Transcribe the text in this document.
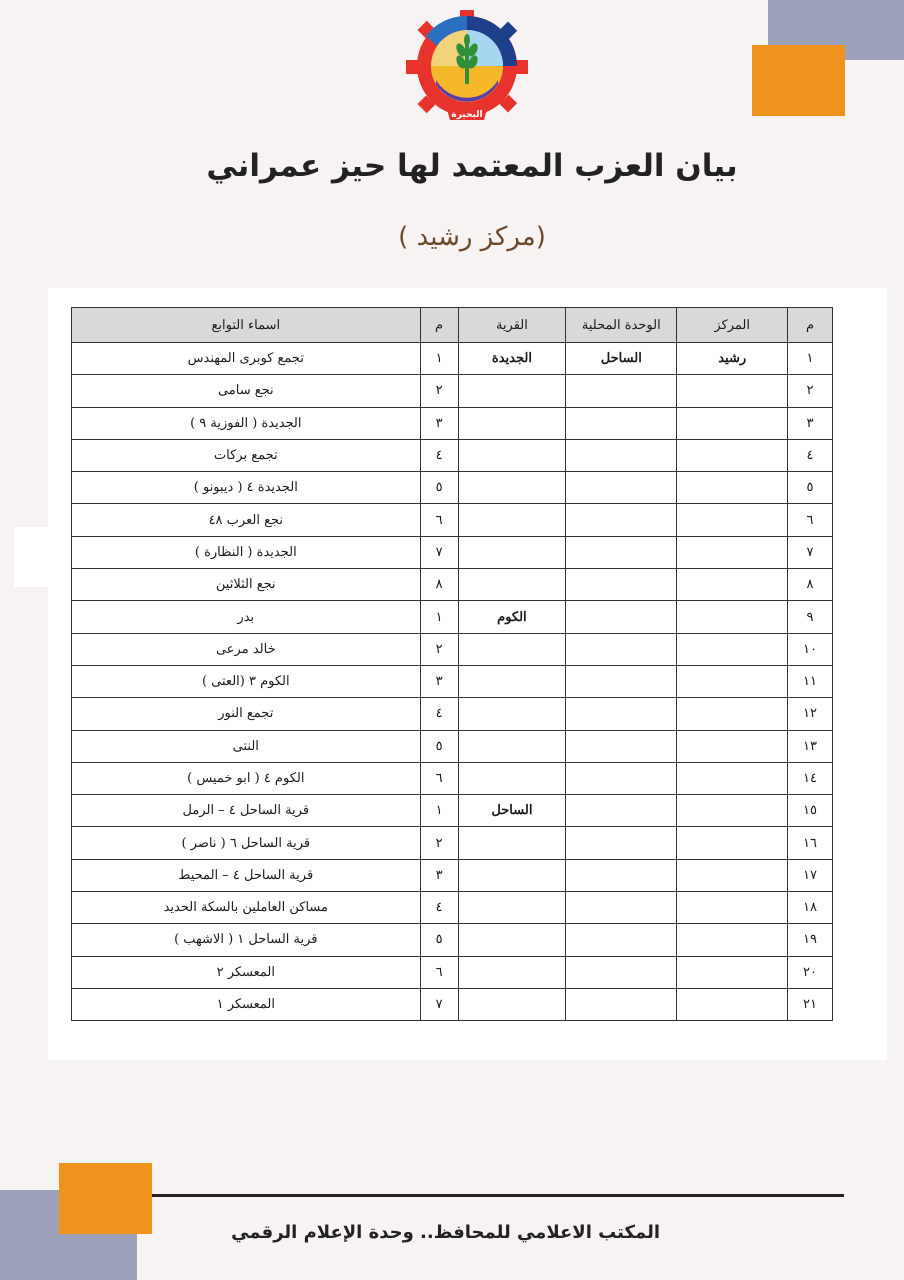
البحيرة
بيان العزب المعتمد لها حيز عمراني
( مركز رشيد)
م	المركز	الوحدة المحلية	القرية	م	اسماء التوابع
١	رشيد	الساحل	الجديدة	١	تجمع كوبرى المهندس
٢				٢	نجع سامى
٣				٣	الجديدة ( الفوزية ٩ )
٤				٤	تجمع بركات
٥				٥	الجديدة ٤ ( ديبونو )
٦				٦	نجع العرب ٤٨
٧				٧	الجديدة ( النظارة )
٨				٨	نجع الثلاثين
٩			الكوم	١	بدر
١٠				٢	خالد مرعى
١١				٣	الكوم ٣ (العتى )
١٢				٤	تجمع النور
١٣				٥	النتى
١٤				٦	الكوم ٤ ( ابو خميس )
١٥			الساحل	١	قرية الساحل ٤ – الرمل
١٦				٢	قرية الساحل ٦ ( ناصر )
١٧				٣	قرية الساحل ٤ – المحيط
١٨				٤	مساكن العاملين بالسكة الحديد
١٩				٥	قرية الساحل ١ ( الاشهب )
٢٠				٦	المعسكر ٢
٢١				٧	المعسكر ١
المكتب الاعلامي للمحافظ.. وحدة الإعلام الرقمي
